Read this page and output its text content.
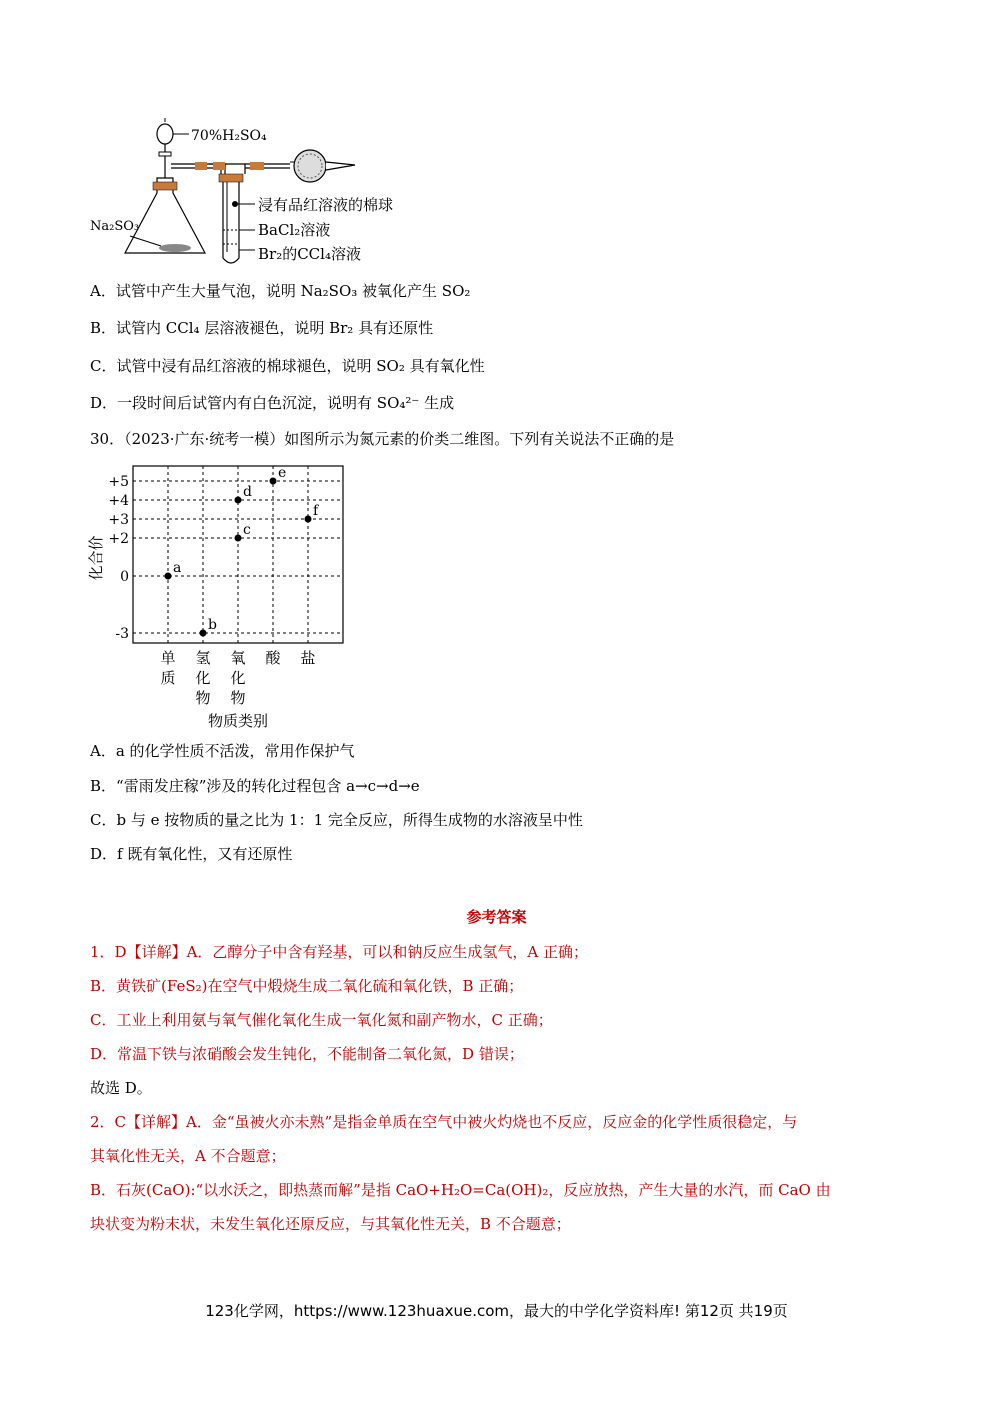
70%H₂SO₄
Na₂SO₃
浸有品红溶液的棉球
BaCl₂溶液
Br₂的CCl₄溶液
A．试管中产生大量气泡，说明 Na₂SO₃ 被氧化产生 SO₂
B．试管内 CCl₄ 层溶液褪色，说明 Br₂ 具有还原性
C．试管中浸有品红溶液的棉球褪色，说明 SO₂ 具有氧化性
D．一段时间后试管内有白色沉淀，说明有 SO₄²⁻ 生成
30．（2023·广东·统考一模）如图所示为氮元素的价类二维图。下列有关说法不正确的是
+5
+4
+3
+2
0
-3
单
质
氢
化
物
氧
化
物
酸 盐
a
b
c
d
e
f
化合价
物质类别
A．a 的化学性质不活泼，常用作保护气
B．“雷雨发庄稼”涉及的转化过程包含 a→c→d→e
C．b 与 e 按物质的量之比为 1：1 完全反应，所得生成物的水溶液呈中性
D．f 既有氧化性，又有还原性
参考答案
1．D【详解】A．乙醇分子中含有羟基，可以和钠反应生成氢气，A 正确；
B．黄铁矿(FeS₂)在空气中煅烧生成二氧化硫和氧化铁，B 正确；
C．工业上利用氨与氧气催化氧化生成一氧化氮和副产物水，C 正确；
D．常温下铁与浓硝酸会发生钝化，不能制备二氧化氮，D 错误；
故选 D。
2．C【详解】A．金“虽被火亦未熟”是指金单质在空气中被火灼烧也不反应，反应金的化学性质很稳定，与
其氧化性无关，A 不合题意；
B．石灰(CaO):“以水沃之，即热蒸而解”是指 CaO+H₂O=Ca(OH)₂，反应放热，产生大量的水汽，而 CaO 由
块状变为粉末状，未发生氧化还原反应，与其氧化性无关，B 不合题意；
123化学网，https://www.123huaxue.com，最大的中学化学资料库! 第12页 共19页
